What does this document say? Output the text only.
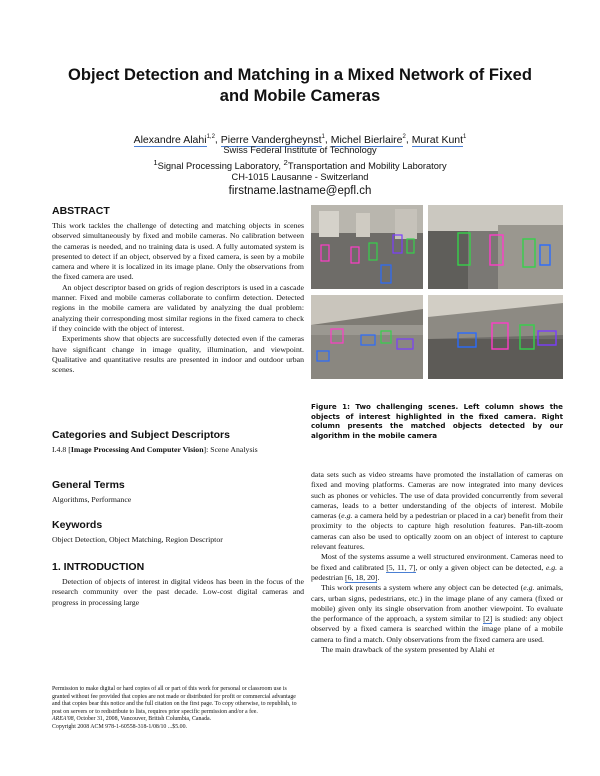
Object Detection and Matching in a Mixed Network of Fixed
and Mobile Cameras
Alexandre Alahi$^{1,2}$, Pierre Vandergheynst$^1$, Michel Bierlaire$^2$, Murat Kunt$^1$
Swiss Federal Institute of Technology
$^1$Signal Processing Laboratory, $^2$Transportation and Mobility Laboratory
CH-1015 Lausanne - Switzerland
firstname.lastname@epfl.ch
ABSTRACT

This work tackles the challenge of detecting and matching objects in scenes observed simultaneously by fixed and mobile cameras. No calibration between the cameras is needed, and no training data is used. A fully automated system is presented to detect if an object, observed by a fixed camera, is seen by a mobile camera and where it is localized in its image plane. Only the observations from the fixed camera are used.

An object descriptor based on grids of region descriptors is used in a cascade manner. Fixed and mobile cameras collaborate to confirm detection. Detected regions in the mobile camera are validated by analyzing the dual problem: analyzing their corresponding most similar regions in the fixed camera to check if they coincide with the object of interest.

Experiments show that objects are successfully detected even if the cameras have significant change in image quality, illumination, and viewpoint. Qualitative and quantitative results are presented in indoor and outdoor urban scenes.

Categories and Subject Descriptors

I.4.8 [Image Processing And Computer Vision]: Scene Analysis

General Terms

Algorithms, Performance

Keywords

Object Detection, Object Matching, Region Descriptor

1. INTRODUCTION

Detection of objects of interest in digital videos has been in the focus of the research community over the past decade. Low-cost digital cameras and progress in processing large

Permission to make digital or hard copies of all or part of this work for personal or classroom use is granted without fee provided that copies are not made or distributed for profit or commercial advantage and that copies bear this notice and the full citation on the first page. To copy otherwise, to republish, to post on servers or to redistribute to lists, requires prior specific permission and/or a fee.
AREA'08, October 31, 2008, Vancouver, British Columbia, Canada.
Copyright 2008 ACM 978-1-60558-318-1/08/10 ...$5.00.
Figure 1: Two challenging scenes. Left column shows the objects of interest highlighted in the fixed camera. Right column presents the matched objects detected by our algorithm in the mobile camera

data sets such as video streams have promoted the installation of cameras on fixed and moving platforms. Cameras are now integrated into many devices such as phones or vehicles. The use of data provided concurrently from several cameras, leads to a better understanding of the objects of interest. Mobile cameras (e.g. a camera held by a pedestrian or placed in a car) benefit from their proximity to the objects to capture high resolution features. Pan-tilt-zoom cameras can also be used to optically zoom on an object of interest to capture relevant features.

Most of the systems assume a well structured environment. Cameras need to be fixed and calibrated [5, 11, 7], or only a given object can be detected, e.g. a pedestrian [6, 18, 20].

This work presents a system where any object can be detected (e.g. animals, cars, urban signs, pedestrians, etc.) in the image plane of any camera (fixed or mobile) given only its single observation from another viewpoint. To evaluate the performance of the approach, a system similar to [2] is studied: any object observed by a fixed camera is searched within the image plane of a mobile camera to find a match. Only observations from the fixed camera are used.

The main drawback of the system presented by Alahi et
